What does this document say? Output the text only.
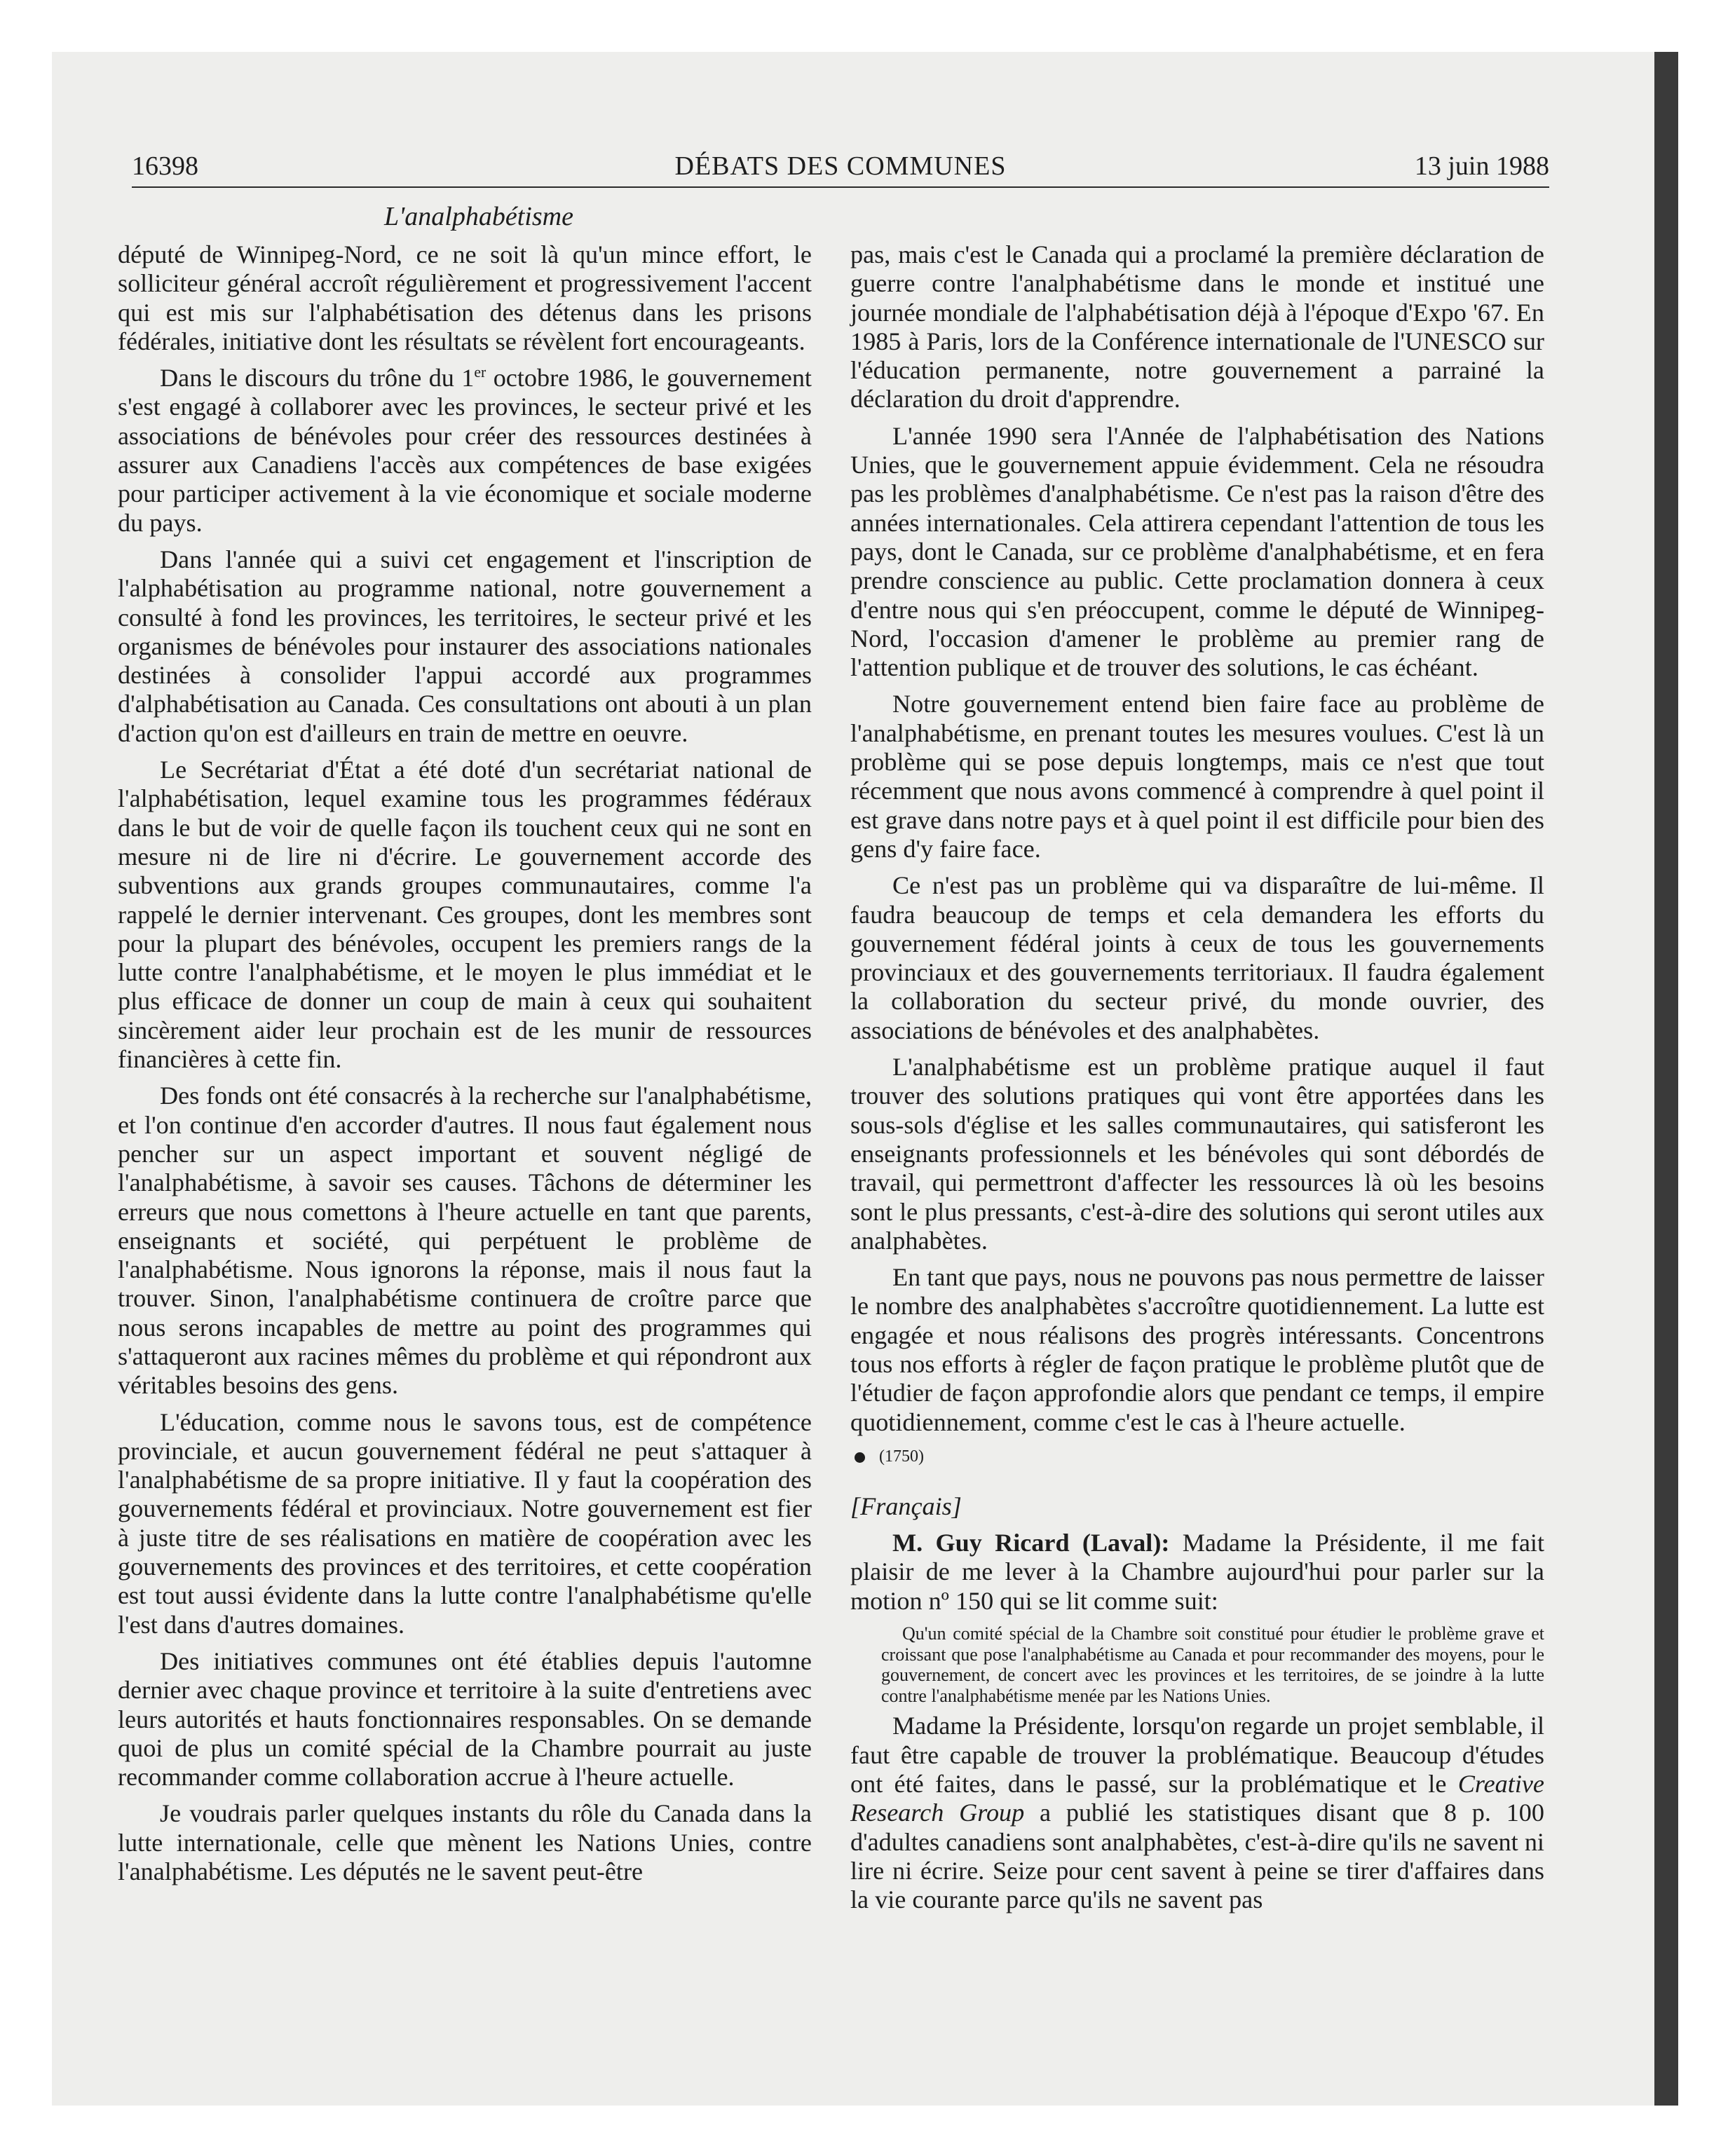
16398	DÉBATS DES COMMUNES	13 juin 1988
L'analphabétisme

député de Winnipeg-Nord, ce ne soit là qu'un mince effort, le solliciteur général accroît régulièrement et progressivement l'accent qui est mis sur l'alphabétisation des détenus dans les prisons fédérales, initiative dont les résultats se révèlent fort encourageants.

Dans le discours du trône du 1er octobre 1986, le gouvernement s'est engagé à collaborer avec les provinces, le secteur privé et les associations de bénévoles pour créer des ressources destinées à assurer aux Canadiens l'accès aux compétences de base exigées pour participer activement à la vie économique et sociale moderne du pays.

Dans l'année qui a suivi cet engagement et l'inscription de l'alphabétisation au programme national, notre gouvernement a consulté à fond les provinces, les territoires, le secteur privé et les organismes de bénévoles pour instaurer des associations nationales destinées à consolider l'appui accordé aux programmes d'alphabétisation au Canada. Ces consultations ont abouti à un plan d'action qu'on est d'ailleurs en train de mettre en oeuvre.

Le Secrétariat d'État a été doté d'un secrétariat national de l'alphabétisation, lequel examine tous les programmes fédéraux dans le but de voir de quelle façon ils touchent ceux qui ne sont en mesure ni de lire ni d'écrire. Le gouvernement accorde des subventions aux grands groupes communautaires, comme l'a rappelé le dernier intervenant. Ces groupes, dont les membres sont pour la plupart des bénévoles, occupent les premiers rangs de la lutte contre l'analphabétisme, et le moyen le plus immédiat et le plus efficace de donner un coup de main à ceux qui souhaitent sincèrement aider leur prochain est de les munir de ressources financières à cette fin.

Des fonds ont été consacrés à la recherche sur l'analphabétisme, et l'on continue d'en accorder d'autres. Il nous faut également nous pencher sur un aspect important et souvent négligé de l'analphabétisme, à savoir ses causes. Tâchons de déterminer les erreurs que nous comettons à l'heure actuelle en tant que parents, enseignants et société, qui perpétuent le problème de l'analphabétisme. Nous ignorons la réponse, mais il nous faut la trouver. Sinon, l'analphabétisme continuera de croître parce que nous serons incapables de mettre au point des programmes qui s'attaqueront aux racines mêmes du problème et qui répondront aux véritables besoins des gens.

L'éducation, comme nous le savons tous, est de compétence provinciale, et aucun gouvernement fédéral ne peut s'attaquer à l'analphabétisme de sa propre initiative. Il y faut la coopération des gouvernements fédéral et provinciaux. Notre gouvernement est fier à juste titre de ses réalisations en matière de coopération avec les gouvernements des provinces et des territoires, et cette coopération est tout aussi évidente dans la lutte contre l'analphabétisme qu'elle l'est dans d'autres domaines.

Des initiatives communes ont été établies depuis l'automne dernier avec chaque province et territoire à la suite d'entretiens avec leurs autorités et hauts fonctionnaires responsables. On se demande quoi de plus un comité spécial de la Chambre pourrait au juste recommander comme collaboration accrue à l'heure actuelle.

Je voudrais parler quelques instants du rôle du Canada dans la lutte internationale, celle que mènent les Nations Unies, contre l'analphabétisme. Les députés ne le savent peut-être

pas, mais c'est le Canada qui a proclamé la première déclaration de guerre contre l'analphabétisme dans le monde et institué une journée mondiale de l'alphabétisation déjà à l'époque d'Expo '67. En 1985 à Paris, lors de la Conférence internationale de l'UNESCO sur l'éducation permanente, notre gouvernement a parrainé la déclaration du droit d'apprendre.

L'année 1990 sera l'Année de l'alphabétisation des Nations Unies, que le gouvernement appuie évidemment. Cela ne résoudra pas les problèmes d'analphabétisme. Ce n'est pas la raison d'être des années internationales. Cela attirera cependant l'attention de tous les pays, dont le Canada, sur ce problème d'analphabétisme, et en fera prendre conscience au public. Cette proclamation donnera à ceux d'entre nous qui s'en préoccupent, comme le député de Winnipeg-Nord, l'occasion d'amener le problème au premier rang de l'attention publique et de trouver des solutions, le cas échéant.

Notre gouvernement entend bien faire face au problème de l'analphabétisme, en prenant toutes les mesures voulues. C'est là un problème qui se pose depuis longtemps, mais ce n'est que tout récemment que nous avons commencé à comprendre à quel point il est grave dans notre pays et à quel point il est difficile pour bien des gens d'y faire face.

Ce n'est pas un problème qui va disparaître de lui-même. Il faudra beaucoup de temps et cela demandera les efforts du gouvernement fédéral joints à ceux de tous les gouvernements provinciaux et des gouvernements territoriaux. Il faudra également la collaboration du secteur privé, du monde ouvrier, des associations de bénévoles et des analphabètes.

L'analphabétisme est un problème pratique auquel il faut trouver des solutions pratiques qui vont être apportées dans les sous-sols d'église et les salles communautaires, qui satisferont les enseignants professionnels et les bénévoles qui sont débordés de travail, qui permettront d'affecter les ressources là où les besoins sont le plus pressants, c'est-à-dire des solutions qui seront utiles aux analphabètes.

En tant que pays, nous ne pouvons pas nous permettre de laisser le nombre des analphabètes s'accroître quotidiennement. La lutte est engagée et nous réalisons des progrès intéressants. Concentrons tous nos efforts à régler de façon pratique le problème plutôt que de l'étudier de façon approfondie alors que pendant ce temps, il empire quotidiennement, comme c'est le cas à l'heure actuelle.

(1750)

[Français]

M. Guy Ricard (Laval): Madame la Présidente, il me fait plaisir de me lever à la Chambre aujourd'hui pour parler sur la motion nº 150 qui se lit comme suit:

Qu'un comité spécial de la Chambre soit constitué pour étudier le problème grave et croissant que pose l'analphabétisme au Canada et pour recommander des moyens, pour le gouvernement, de concert avec les provinces et les territoires, de se joindre à la lutte contre l'analphabétisme menée par les Nations Unies.

Madame la Présidente, lorsqu'on regarde un projet semblable, il faut être capable de trouver la problématique. Beaucoup d'études ont été faites, dans le passé, sur la problématique et le Creative Research Group a publié les statistiques disant que 8 p. 100 d'adultes canadiens sont analphabètes, c'est-à-dire qu'ils ne savent ni lire ni écrire. Seize pour cent savent à peine se tirer d'affaires dans la vie courante parce qu'ils ne savent pas
